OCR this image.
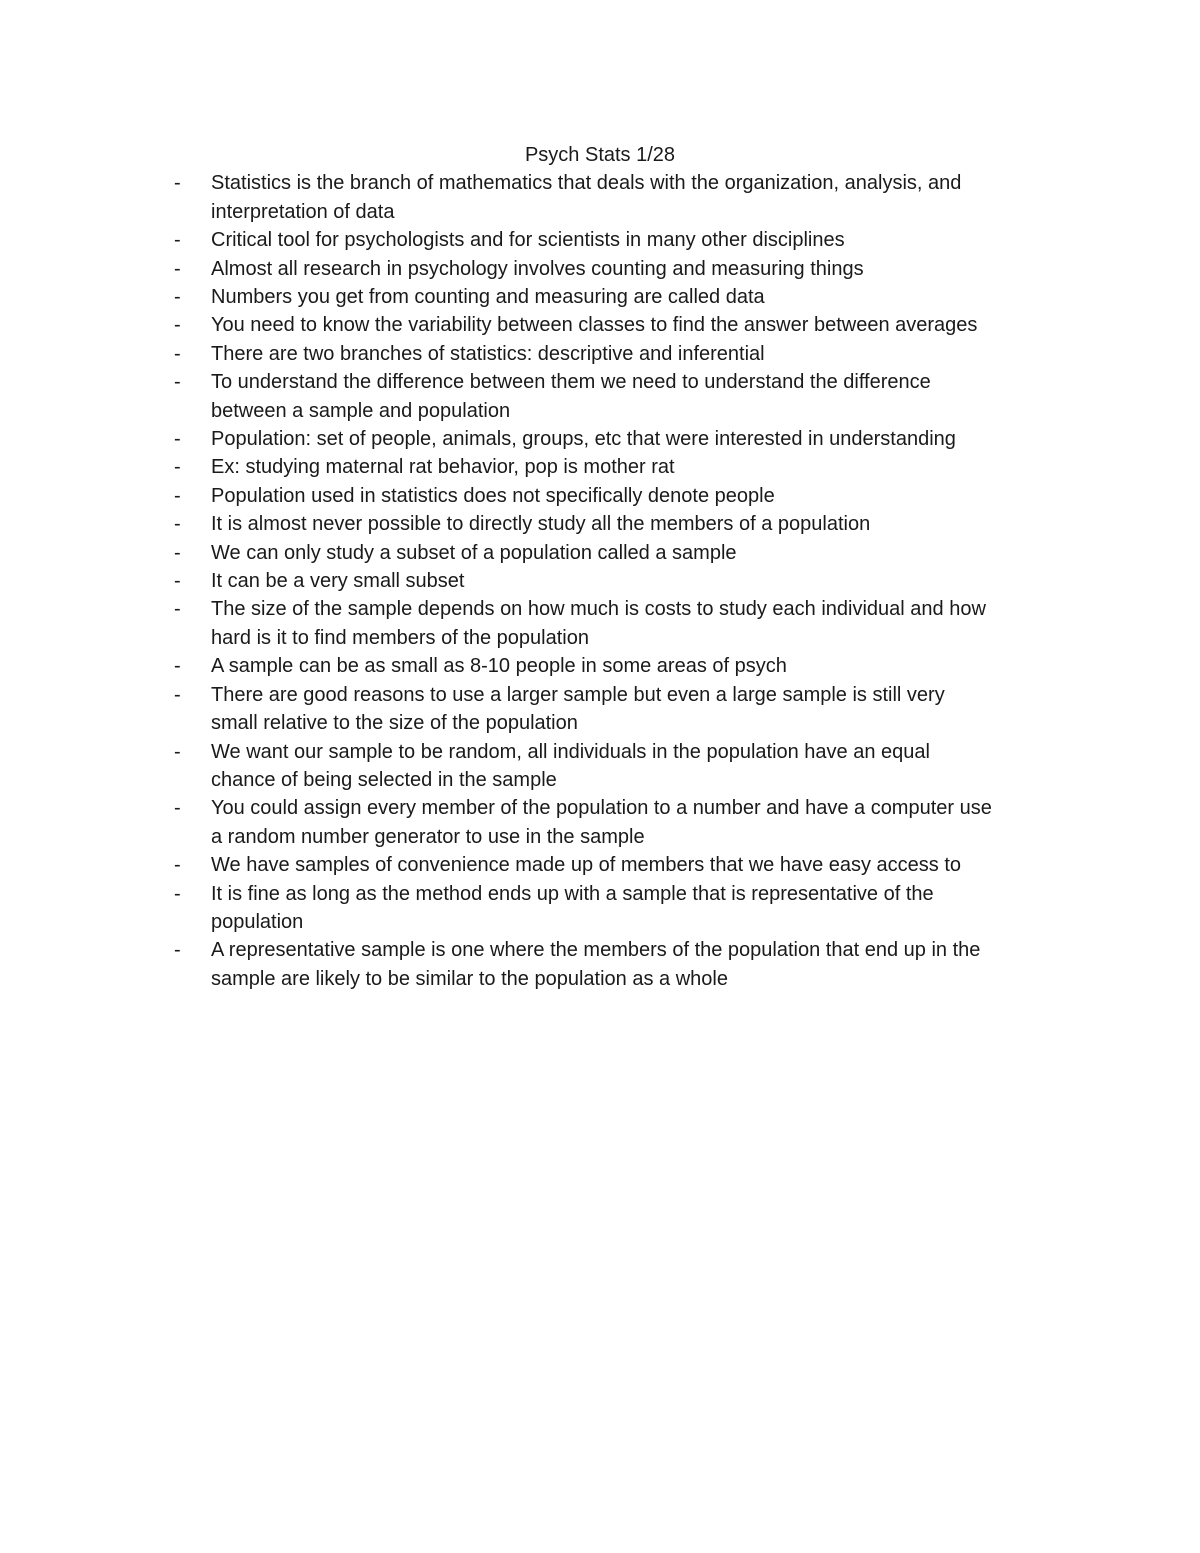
Psych Stats 1/28
- Statistics is the branch of mathematics that deals with the organization, analysis, and
interpretation of data
- Critical tool for psychologists and for scientists in many other disciplines
- Almost all research in psychology involves counting and measuring things
- Numbers you get from counting and measuring are called data
- You need to know the variability between classes to find the answer between averages
- There are two branches of statistics: descriptive and inferential
- To understand the difference between them we need to understand the difference
between a sample and population
- Population: set of people, animals, groups, etc that were interested in understanding
- Ex: studying maternal rat behavior, pop is mother rat
- Population used in statistics does not specifically denote people
- It is almost never possible to directly study all the members of a population
- We can only study a subset of a population called a sample
- It can be a very small subset
- The size of the sample depends on how much is costs to study each individual and how
hard is it to find members of the population
- A sample can be as small as 8-10 people in some areas of psych
- There are good reasons to use a larger sample but even a large sample is still very
small relative to the size of the population
- We want our sample to be random, all individuals in the population have an equal
chance of being selected in the sample
- You could assign every member of the population to a number and have a computer use
a random number generator to use in the sample
- We have samples of convenience made up of members that we have easy access to
- It is fine as long as the method ends up with a sample that is representative of the
population
- A representative sample is one where the members of the population that end up in the
sample are likely to be similar to the population as a whole
